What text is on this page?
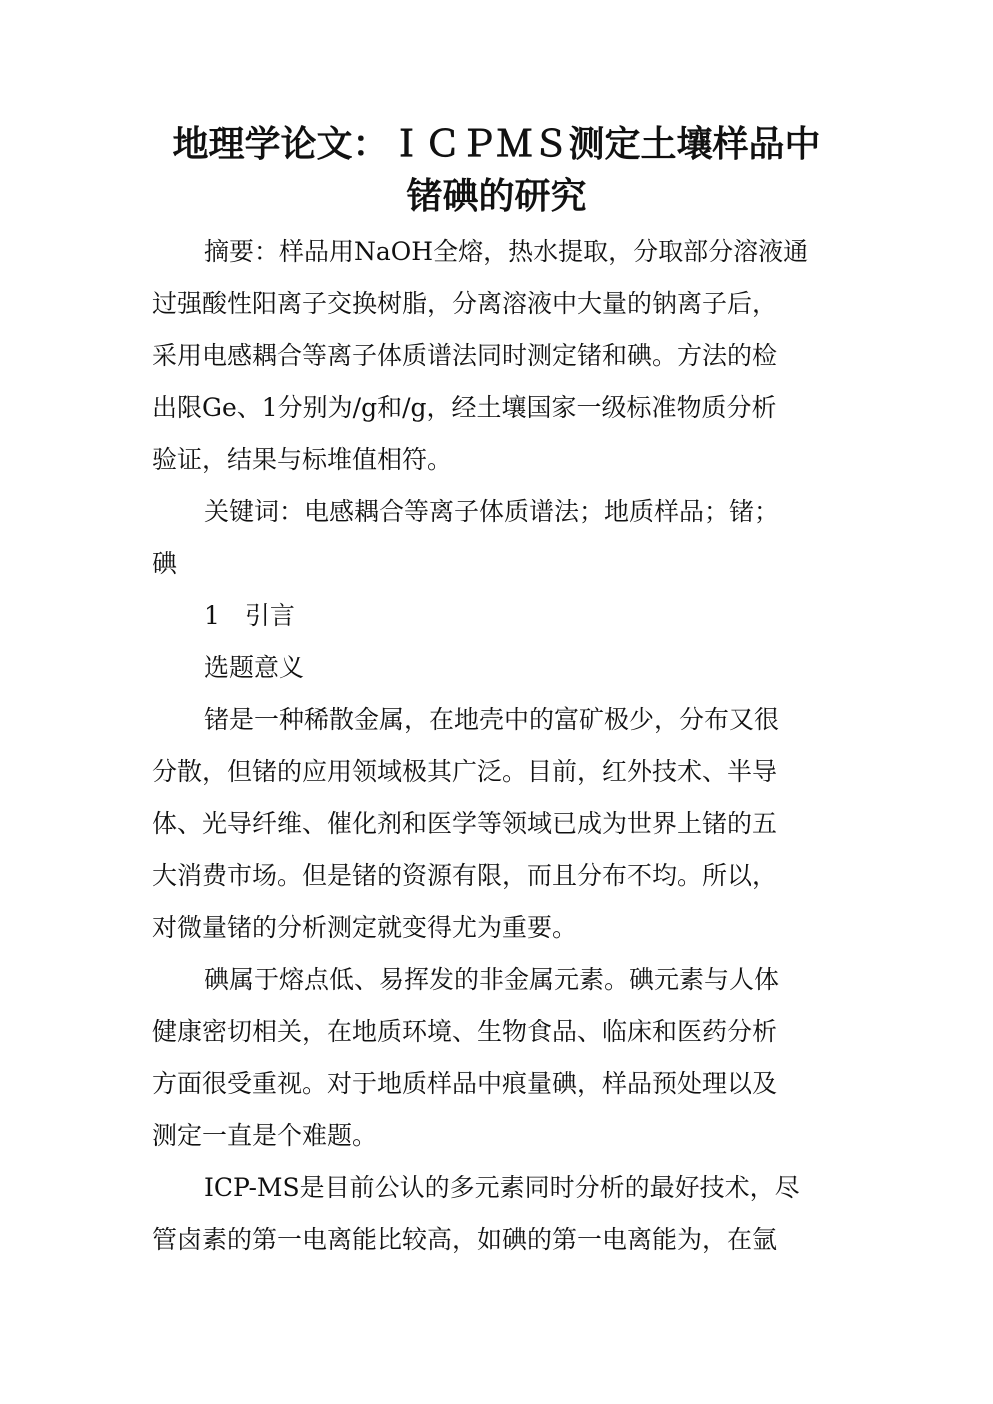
地理学论文：ＩＣＰＭＳ测定土壤样品中
锗碘的研究
摘要：样品用NaOH全熔，热水提取，分取部分溶液通
过强酸性阳离子交换树脂，分离溶液中大量的钠离子后，
采用电感耦合等离子体质谱法同时测定锗和碘。方法的检
出限Ge、1分别为/g和/g，经土壤国家一级标准物质分析
验证，结果与标堆值相符。
关键词：电感耦合等离子体质谱法；地质样品；锗；
碘
1　引言
选题意义
锗是一种稀散金属，在地壳中的富矿极少，分布又很
分散，但锗的应用领域极其广泛。目前，红外技术、半导
体、光导纤维、催化剂和医学等领域已成为世界上锗的五
大消费市场。但是锗的资源有限，而且分布不均。所以，
对微量锗的分析测定就变得尤为重要。
碘属于熔点低、易挥发的非金属元素。碘元素与人体
健康密切相关，在地质环境、生物食品、临床和医药分析
方面很受重视。对于地质样品中痕量碘，样品预处理以及
测定一直是个难题。
ICP-MS是目前公认的多元素同时分析的最好技术，尽
管卤素的第一电离能比较高，如碘的第一电离能为，在氩
